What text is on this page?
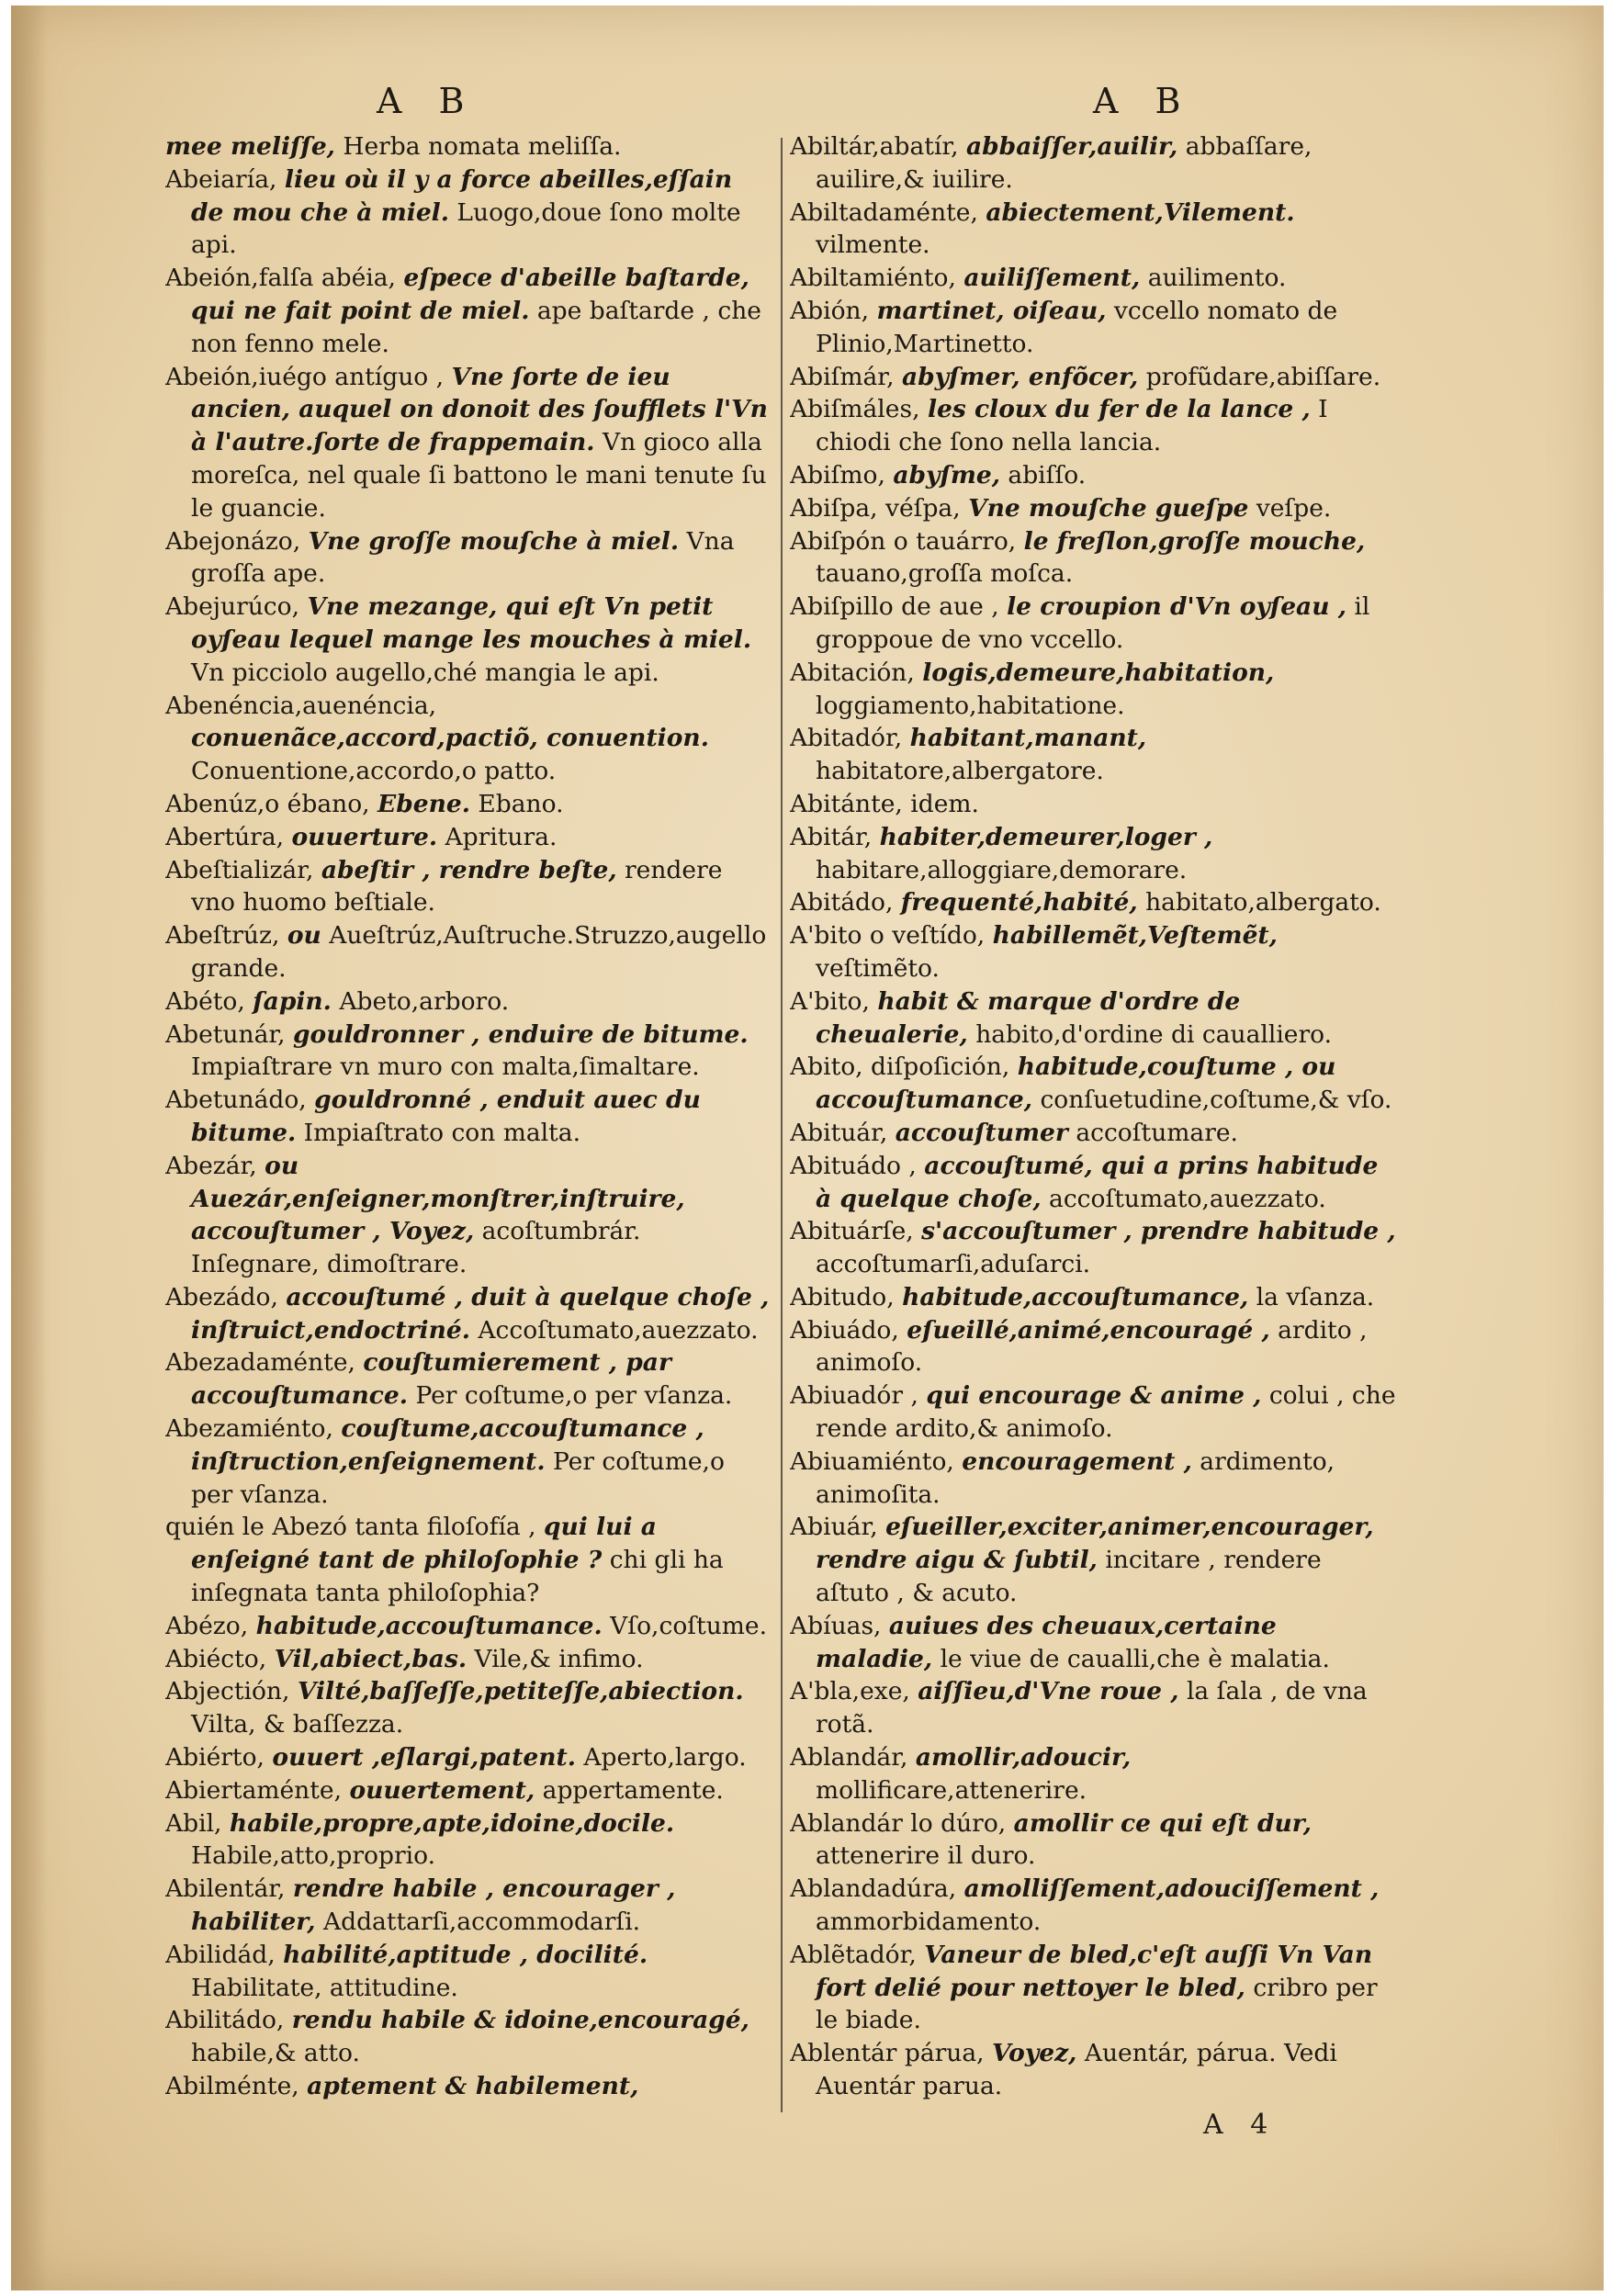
A B	A B

mee meliſſe, Herba nomata meliſſa.

Abeiaría, lieu où il y a force abeilles,eſſain de mou che à miel. Luogo,doue ſono molte api.

Abeión,falſa abéia, eſpece d'abeille baſtarde, qui ne fait point de miel. ape baſtarde , che non fenno mele.

Abeión,iuégo antíguo , Vne ſorte de ieu ancien, auquel on donoit des ſoufflets l'Vn à l'autre.ſorte de frappemain. Vn gioco alla moreſca, nel quale ſi battono le mani tenute ſu le guancie.

Abejonázo, Vne groſſe mouſche à miel. Vna groſſa ape.

Abejurúco, Vne mezange, qui eſt Vn petit oyſeau lequel mange les mouches à miel. Vn picciolo augello,ché mangia le api.

Abenéncia,auenéncia, conuenãce,accord,pactiõ, conuention. Conuentione,accordo,o patto.

Abenúz,o ébano, Ebene. Ebano.

Abertúra, ouuerture. Apritura.

Abeſtializár, abeſtir , rendre beſte, rendere vno huomo beſtiale.

Abeſtrúz, ou Aueſtrúz,Auſtruche.Struzzo,augello grande.

Abéto, ſapin. Abeto,arboro.

Abetunár, gouldronner , enduire de bitume. Impiaſtrare vn muro con malta,ſimaltare.

Abetunádo, gouldronné , enduit auec du bitume. Impiaſtrato con malta.

Abezár, ou Auezár,enſeigner,monſtrer,inſtruire, accouſtumer , Voyez, acoſtumbrár. Inſegnare, dimoſtrare.

Abezádo, accouſtumé , duit à quelque choſe , inſtruict,endoctriné. Accoſtumato,auezzato.

Abezadaménte, couſtumierement , par accouſtumance. Per coſtume,o per vſanza.

Abezamiénto, couſtume,accouſtumance , inſtruction,enſeignement. Per coſtume,o per vſanza.

quién le Abezó tanta filoſofía , qui lui a enſeigné tant de philoſophie ? chi gli ha inſegnata tanta philoſophia?

Abézo, habitude,accouſtumance. Vſo,coſtume.

Abiécto, Vil,abiect,bas. Vile,& infimo.

Abjectión, Vilté,baſſeſſe,petiteſſe,abiection. Vilta, & baſſezza.

Abiérto, ouuert ,eſlargi,patent. Aperto,largo.

Abiertaménte, ouuertement, appertamente.

Abil, habile,propre,apte,idoine,docile. Habile,atto,proprio.

Abilentár, rendre habile , encourager , habiliter, Addattarſi,accommodarſi.

Abilidád, habilité,aptitude , docilité. Habilitate, attitudine.

Abilitádo, rendu habile & idoine,encouragé, habile,& atto.

Abilménte, aptement & habilement,

Abiltár,abatír, abbaiſſer,auilir, abbaſſare, auilire,& iuilire.

Abiltadaménte, abiectement,Vilement. vilmente.

Abiltamiénto, auiliſſement, auilimento.

Abión, martinet, oiſeau, vccello nomato de Plinio,Martinetto.

Abiſmár, abyſmer, enfõcer, profũdare,abiſſare.

Abiſmáles, les cloux du fer de la lance , I chiodi che ſono nella lancia.

Abiſmo, abyſme, abiſſo.

Abiſpa, véſpa, Vne mouſche gueſpe veſpe.

Abiſpón o tauárro, le freſlon,groſſe mouche, tauano,groſſa moſca.

Abiſpillo de aue , le croupion d'Vn oyſeau , il groppoue de vno vccello.

Abitación, logis,demeure,habitation, loggiamento,habitatione.

Abitadór, habitant,manant, habitatore,albergatore.

Abitánte, idem.

Abitár, habiter,demeurer,loger , habitare,alloggiare,demorare.

Abitádo, frequenté,habité, habitato,albergato.

A'bito o veſtído, habillemẽt,Veſtemẽt, veſtimẽto.

A'bito, habit & marque d'ordre de cheualerie, habito,d'ordine di caualliero.

Abito, diſpoſición, habitude,couſtume , ou accouſtumance, conſuetudine,coſtume,& vſo.

Abituár, accouſtumer accoſtumare.

Abituádo , accouſtumé, qui a prins habitude à quelque choſe, accoſtumato,auezzato.

Abituárſe, s'accouſtumer , prendre habitude , accoſtumarſi,aduſarci.

Abitudo, habitude,accouſtumance, la vſanza.

Abiuádo, eſueillé,animé,encouragé , ardito , animoſo.

Abiuadór , qui encourage & anime , colui , che rende ardito,& animoſo.

Abiuamiénto, encouragement , ardimento, animoſita.

Abiuár, eſueiller,exciter,animer,encourager, rendre aigu & ſubtil, incitare , rendere aſtuto , & acuto.

Abíuas, auiues des cheuaux,certaine maladie, le viue de caualli,che è malatia.

A'bla,exe, aiſſieu,d'Vne roue , la ſala , de vna rotã.

Ablandár, amollir,adoucir, mollificare,attenerire.

Ablandár lo dúro, amollir ce qui eſt dur, attenerire il duro.

Ablandadúra, amolliſſement,adouciſſement , ammorbidamento.

Ablẽtadór, Vaneur de bled,c'eſt auſſi Vn Van fort delié pour nettoyer le bled, cribro per le biade.

Ablentár párua, Voyez, Auentár, párua. Vedi Auentár parua.

A 4
